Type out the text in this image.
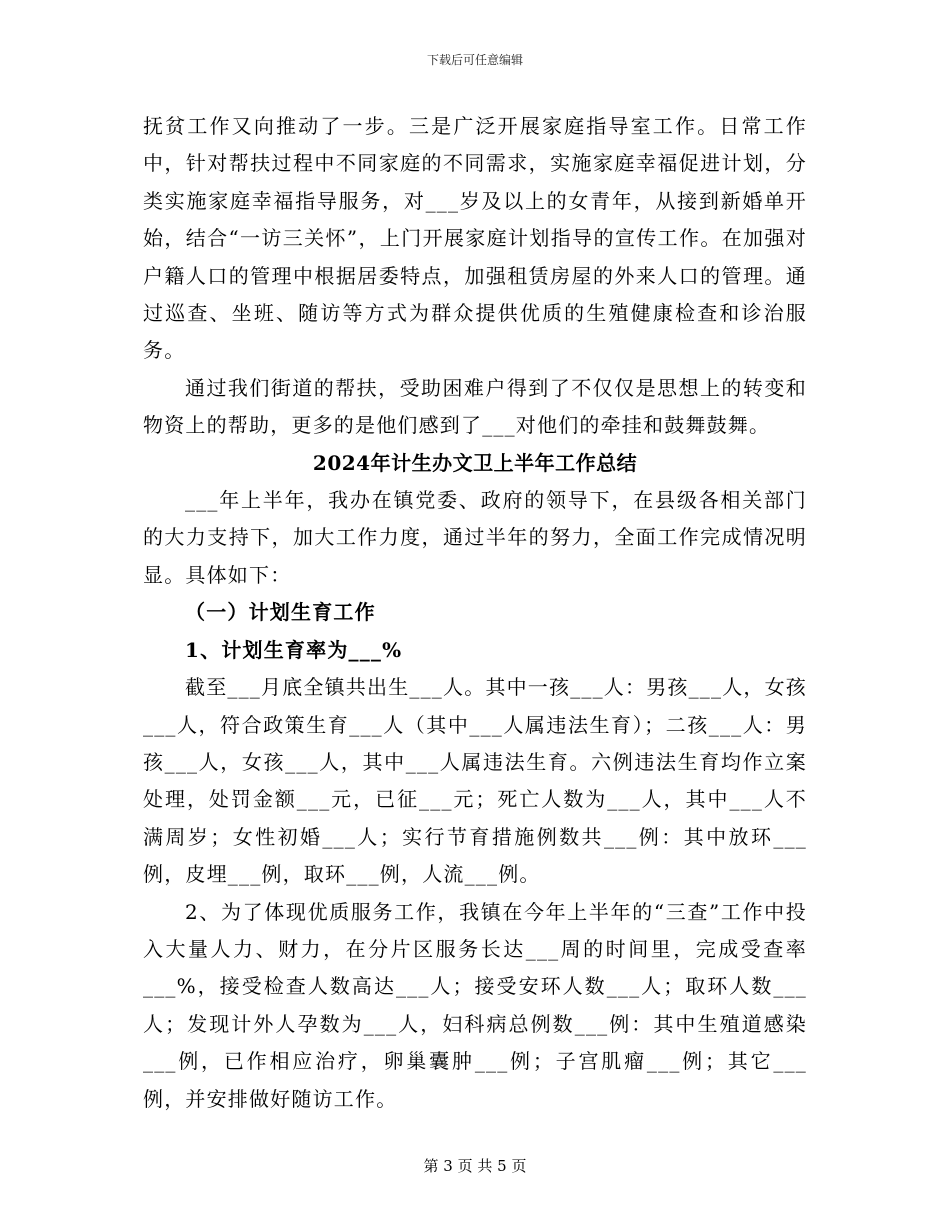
下载后可任意编辑

抚贫工作又向推动了一步。三是广泛开展家庭指导室工作。日常工作中，针对帮扶过程中不同家庭的不同需求，实施家庭幸福促进计划，分类实施家庭幸福指导服务，对___岁及以上的女青年，从接到新婚单开始，结合“一访三关怀”，上门开展家庭计划指导的宣传工作。在加强对户籍人口的管理中根据居委特点，加强租赁房屋的外来人口的管理。通过巡查、坐班、随访等方式为群众提供优质的生殖健康检查和诊治服务。

通过我们街道的帮扶，受助困难户得到了不仅仅是思想上的转变和物资上的帮助，更多的是他们感到了___对他们的牵挂和鼓舞鼓舞。

2024年计生办文卫上半年工作总结

___年上半年，我办在镇党委、政府的领导下，在县级各相关部门的大力支持下，加大工作力度，通过半年的努力，全面工作完成情况明显。具体如下：

（一）计划生育工作

1、计划生育率为___%

截至___月底全镇共出生___人。其中一孩___人：男孩___人，女孩___人，符合政策生育___人（其中___人属违法生育）；二孩___人：男孩___人，女孩___人，其中___人属违法生育。六例违法生育均作立案处理，处罚金额___元，已征___元；死亡人数为___人，其中___人不满周岁；女性初婚___人；实行节育措施例数共___例：其中放环___例，皮埋___例，取环___例，人流___例。

2、为了体现优质服务工作，我镇在今年上半年的“三查”工作中投入大量人力、财力，在分片区服务长达___周的时间里，完成受查率___%，接受检查人数高达___人；接受安环人数___人；取环人数___人；发现计外人孕数为___人，妇科病总例数___例：其中生殖道感染___例，已作相应治疗，卵巢囊肿___例；子宫肌瘤___例；其它___例，并安排做好随访工作。

第 3 页 共 5 页
